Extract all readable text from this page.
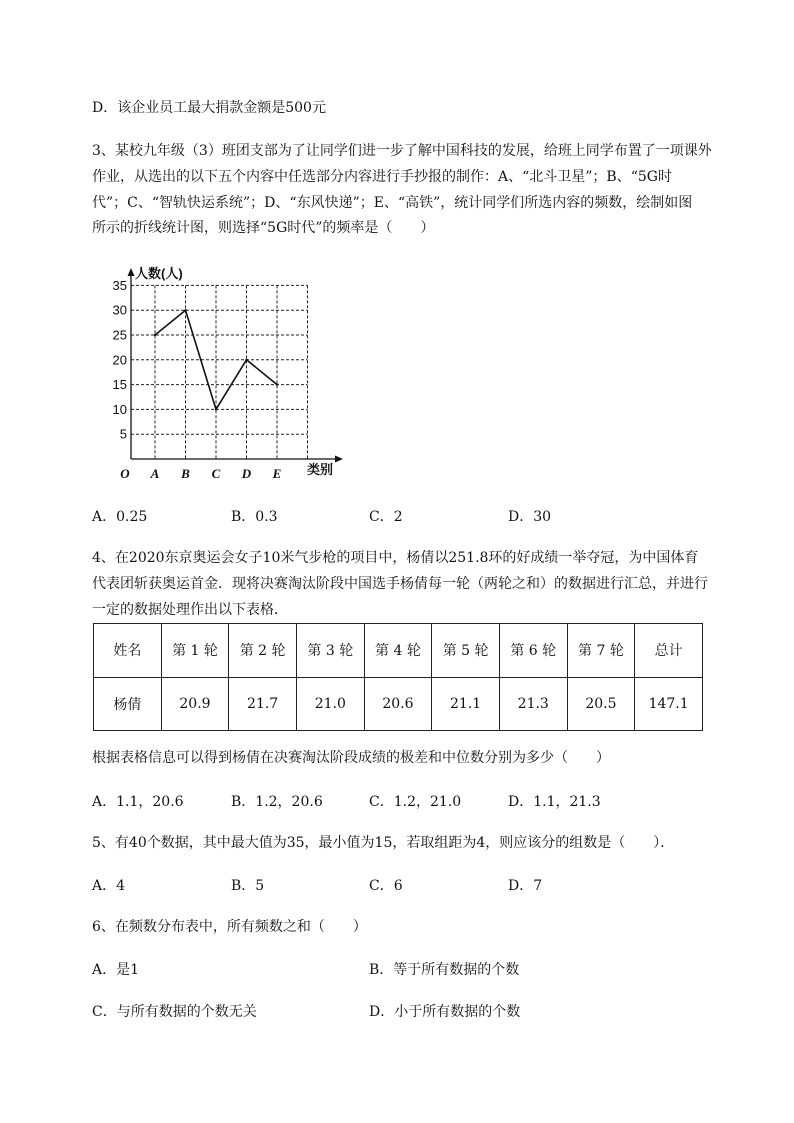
D．该企业员工最大捐款金额是500元
3、某校九年级（3）班团支部为了让同学们进一步了解中国科技的发展，给班上同学布置了一项课外
作业，从选出的以下五个内容中任选部分内容进行手抄报的制作：A、“北斗卫星”；B、“5G时
代”；C、“智轨快运系统”；D、“东风快递”；E、“高铁”，统计同学们所选内容的频数，绘制如图
所示的折线统计图，则选择“5G时代”的频率是（　　）
5
10
15
20
25
30
35
人数(人)
O A B C D E 类别
A．0.25	B．0.3	C．2	D．30
4、在2020东京奥运会女子10米气步枪的项目中，杨倩以251.8环的好成绩一举夺冠，为中国体育
代表团斩获奥运首金．现将决赛淘汰阶段中国选手杨倩每一轮（两轮之和）的数据进行汇总，并进行
一定的数据处理作出以下表格．
姓名	第 1 轮	第 2 轮	第 3 轮	第 4 轮	第 5 轮	第 6 轮	第 7 轮	总计
杨倩	20.9	21.7	21.0	20.6	21.1	21.3	20.5	147.1
根据表格信息可以得到杨倩在决赛淘汰阶段成绩的极差和中位数分别为多少（　　）
A．1.1，20.6	B．1.2，20.6	C．1.2，21.0	D．1.1，21.3
5、有40个数据，其中最大值为35，最小值为15，若取组距为4，则应该分的组数是（　　）．
A．4	B．5	C．6	D．7
6、在频数分布表中，所有频数之和（　　）
A．是1	B．等于所有数据的个数
C．与所有数据的个数无关	D．小于所有数据的个数
